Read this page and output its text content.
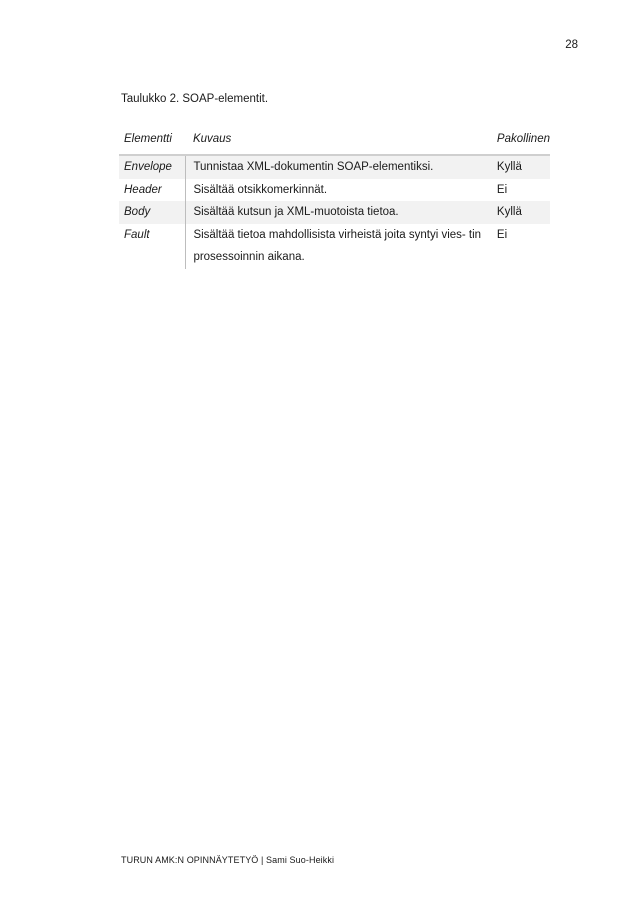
28
Taulukko 2. SOAP-elementit.
Elementti	Kuvaus	Pakollinen
Envelope	Tunnistaa XML-dokumentin SOAP-elementiksi.	Kyllä
Header	Sisältää otsikkomerkinnät.	Ei
Body	Sisältää kutsun ja XML-muotoista tietoa.	Kyllä
Fault	Sisältää tietoa mahdollisista virheistä joita syntyi vies- tin prosessoinnin aikana.	Ei
TURUN AMK:N OPINNÄYTETYÖ | Sami Suo-Heikki
